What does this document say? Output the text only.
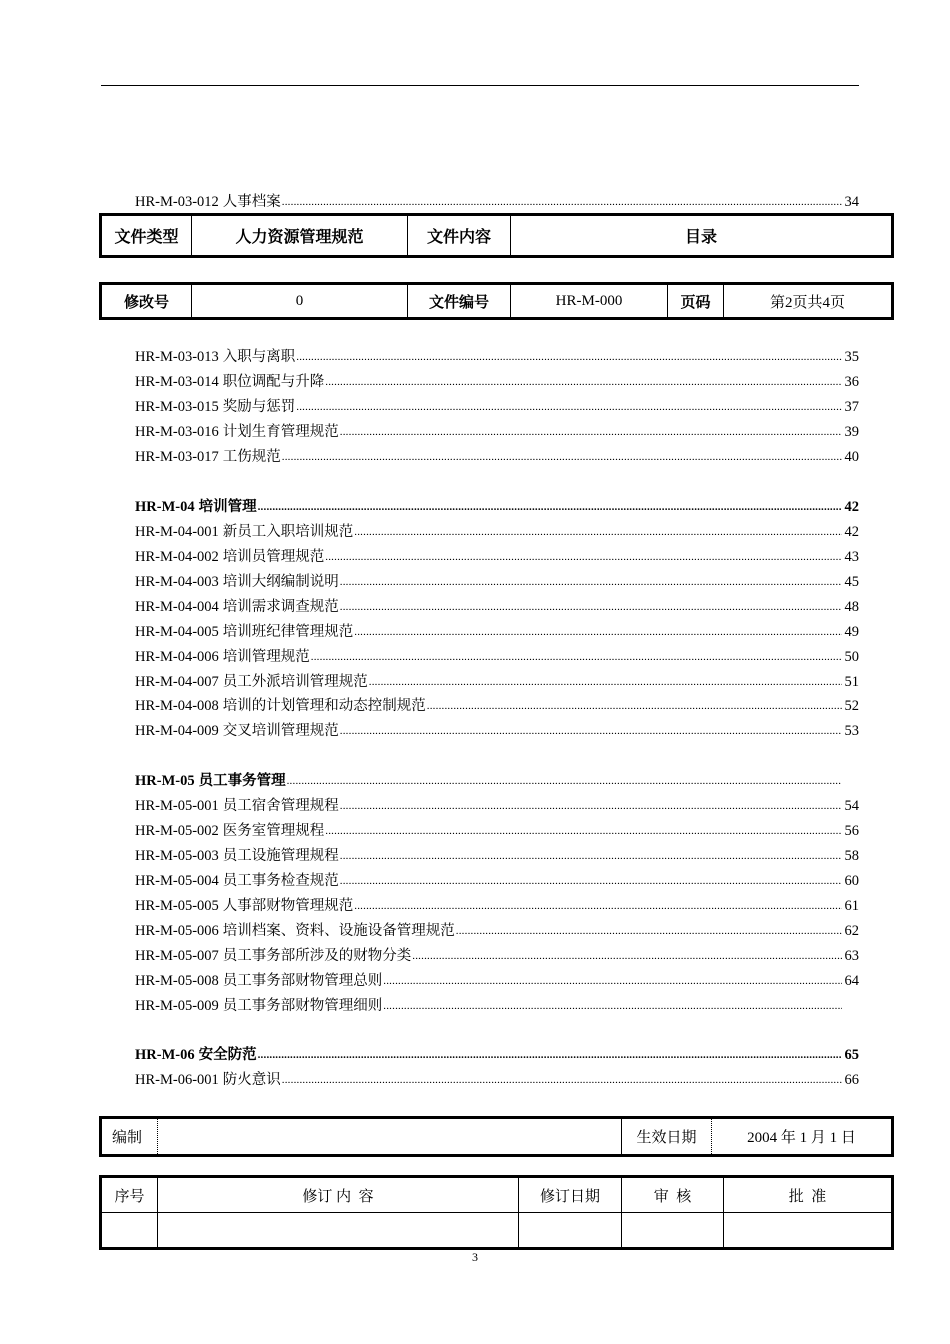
HR-M-03-012 人事档案 .....	34
文件类型	人力资源管理规范	文件内容	目录
修改号	0	文件编号	HR-M-000	页码	第2页共4页
HR-M-03-013 入职与离职 .....	35
HR-M-03-014 职位调配与升降 .....	36
HR-M-03-015 奖励与惩罚 .....	37
HR-M-03-016 计划生育管理规范 .....	39
HR-M-03-017 工伤规范 .....	40
HR-M-04 培训管理 .....	42
HR-M-04-001 新员工入职培训规范 .....	42
HR-M-04-002 培训员管理规范 .....	43
HR-M-04-003 培训大纲编制说明 .....	45
HR-M-04-004 培训需求调查规范 .....	48
HR-M-04-005 培训班纪律管理规范 .....	49
HR-M-04-006 培训管理规范 .....	50
HR-M-04-007 员工外派培训管理规范 .....	51
HR-M-04-008 培训的计划管理和动态控制规范 .....	52
HR-M-04-009 交叉培训管理规范 .....	53
HR-M-05 员工事务管理
.....
HR-M-05-001 员工宿舍管理规程 .....	54
HR-M-05-002 医务室管理规程 .....	56
HR-M-05-003 员工设施管理规程 .....	58
HR-M-05-004 员工事务检查规范 .....	60
HR-M-05-005 人事部财物管理规范 .....	61
HR-M-05-006 培训档案、资料、设施设备管理规范 .....	62
HR-M-05-007 员工事务部所涉及的财物分类 .....	63
HR-M-05-008 员工事务部财物管理总则 .....	64
HR-M-05-009 员工事务部财物管理细则
.....
HR-M-06 安全防范 .....	65
HR-M-06-001 防火意识 .....	66
编制		生效日期	2004 年 1 月 1 日
序号	修订 内  容	修订日期	审  核	批  准

3
